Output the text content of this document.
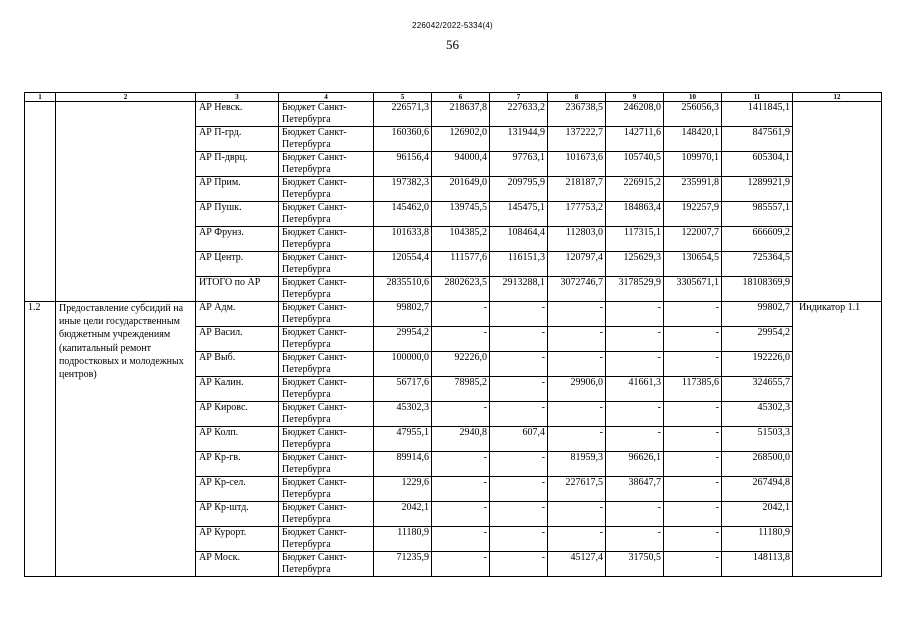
226042/2022-5334(4)
56
1	2	3	4	5	6	7	8	9	10	11	12
		АР Невск.	Бюджет Санкт-Петербурга	226571,3	218637,8	227633,2	236738,5	246208,0	256056,3	1411845,1	
		АР П-грд.	Бюджет Санкт-Петербурга	160360,6	126902,0	131944,9	137222,7	142711,6	148420,1	847561,9	
		АР П-дврц.	Бюджет Санкт-Петербурга	96156,4	94000,4	97763,1	101673,6	105740,5	109970,1	605304,1	
		АР Прим.	Бюджет Санкт-Петербурга	197382,3	201649,0	209795,9	218187,7	226915,2	235991,8	1289921,9	
		АР Пушк.	Бюджет Санкт-Петербурга	145462,0	139745,5	145475,1	177753,2	184863,4	192257,9	985557,1	
		АР Фрунз.	Бюджет Санкт-Петербурга	101633,8	104385,2	108464,4	112803,0	117315,1	122007,7	666609,2	
		АР Центр.	Бюджет Санкт-Петербурга	120554,4	111577,6	116151,3	120797,4	125629,3	130654,5	725364,5	
		ИТОГО по АР	Бюджет Санкт-Петербурга	2835510,6	2802623,5	2913288,1	3072746,7	3178529,9	3305671,1	18108369,9	
1.2	Предоставление субсидий на иные цели государственным бюджетным учреждениям (капитальный ремонт подростковых и молодежных центров)	АР Адм.	Бюджет Санкт-Петербурга	99802,7	-	-	-	-	-	99802,7	Индикатор 1.1
		АР Васил.	Бюджет Санкт-Петербурга	29954,2	-	-	-	-	-	29954,2	
		АР Выб.	Бюджет Санкт-Петербурга	100000,0	92226,0	-	-	-	-	192226,0	
		АР Калин.	Бюджет Санкт-Петербурга	56717,6	78985,2	-	29906,0	41661,3	117385,6	324655,7	
		АР Кировс.	Бюджет Санкт-Петербурга	45302,3	-	-	-	-	-	45302,3	
		АР Колп.	Бюджет Санкт-Петербурга	47955,1	2940,8	607,4	-	-	-	51503,3	
		АР Кр-гв.	Бюджет Санкт-Петербурга	89914,6	-	-	81959,3	96626,1	-	268500,0	
		АР Кр-сел.	Бюджет Санкт-Петербурга	1229,6	-	-	227617,5	38647,7	-	267494,8	
		АР Кр-штд.	Бюджет Санкт-Петербурга	2042,1	-	-	-	-	-	2042,1	
		АР Курорт.	Бюджет Санкт-Петербурга	11180,9	-	-	-	-	-	11180,9	
		АР Моск.	Бюджет Санкт-Петербурга	71235,9	-	-	45127,4	31750,5	-	148113,8	
